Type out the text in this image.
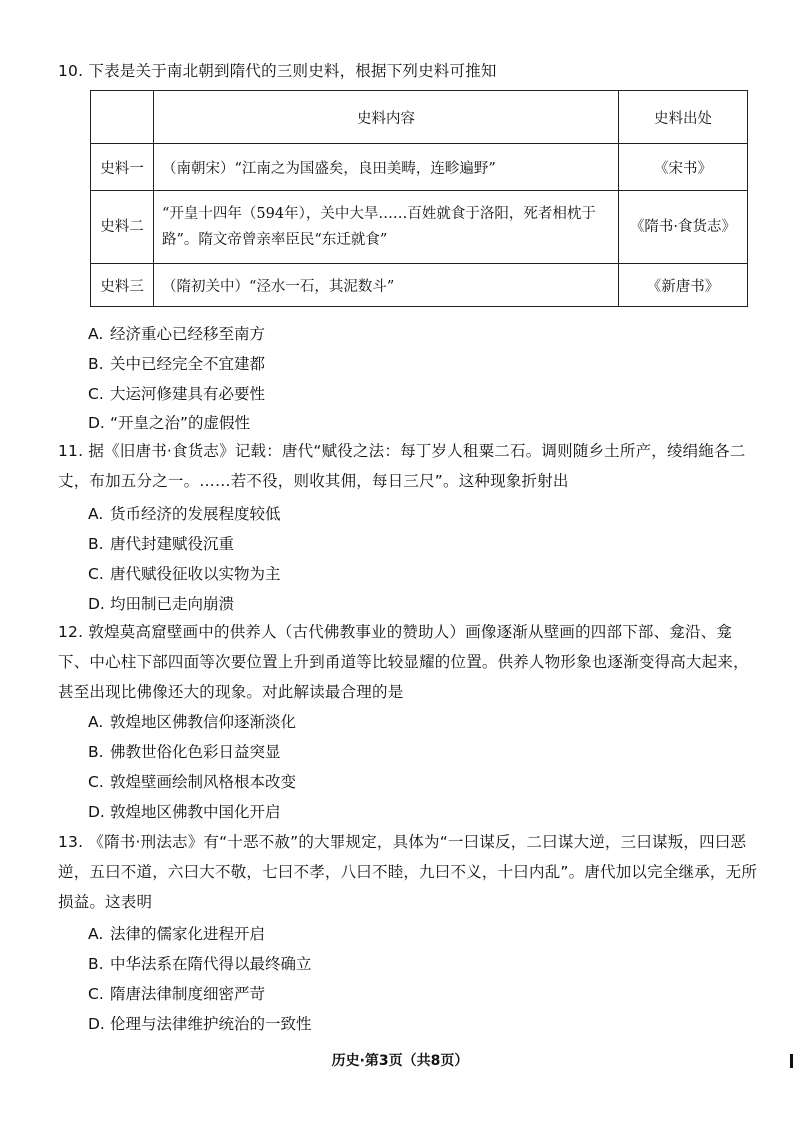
10. 下表是关于南北朝到隋代的三则史料，根据下列史料可推知
	史料内容	史料出处
史料一	（南朝宋）“江南之为国盛矣，良田美畴，连畛遍野”	《宋书》
史料二	“开皇十四年（594年），关中大旱……百姓就食于洛阳，死者相枕于路”。隋文帝曾亲率臣民“东迁就食”	《隋书·食货志》
史料三	（隋初关中）“泾水一石，其泥数斗”	《新唐书》
A. 经济重心已经移至南方
B. 关中已经完全不宜建都
C. 大运河修建具有必要性
D. “开皇之治”的虚假性
11. 据《旧唐书·食货志》记载：唐代“赋役之法：每丁岁人租粟二石。调则随乡土所产，绫绢絁各二丈，布加五分之一。……若不役，则收其佣，每日三尺”。这种现象折射出
A. 货币经济的发展程度较低
B. 唐代封建赋役沉重
C. 唐代赋役征收以实物为主
D. 均田制已走向崩溃
12. 敦煌莫高窟壁画中的供养人（古代佛教事业的赞助人）画像逐渐从壁画的四部下部、龛沿、龛下、中心柱下部四面等次要位置上升到甬道等比较显耀的位置。供养人物形象也逐渐变得高大起来，甚至出现比佛像还大的现象。对此解读最合理的是
A. 敦煌地区佛教信仰逐渐淡化
B. 佛教世俗化色彩日益突显
C. 敦煌壁画绘制风格根本改变
D. 敦煌地区佛教中国化开启
13. 《隋书·刑法志》有“十恶不赦”的大罪规定，具体为“一曰谋反，二曰谋大逆，三曰谋叛，四曰恶逆，五曰不道，六曰大不敬，七曰不孝，八曰不睦，九曰不义，十曰内乱”。唐代加以完全继承，无所损益。这表明
A. 法律的儒家化进程开启
B. 中华法系在隋代得以最终确立
C. 隋唐法律制度细密严苛
D. 伦理与法律维护统治的一致性
历史·第3页（共8页）
